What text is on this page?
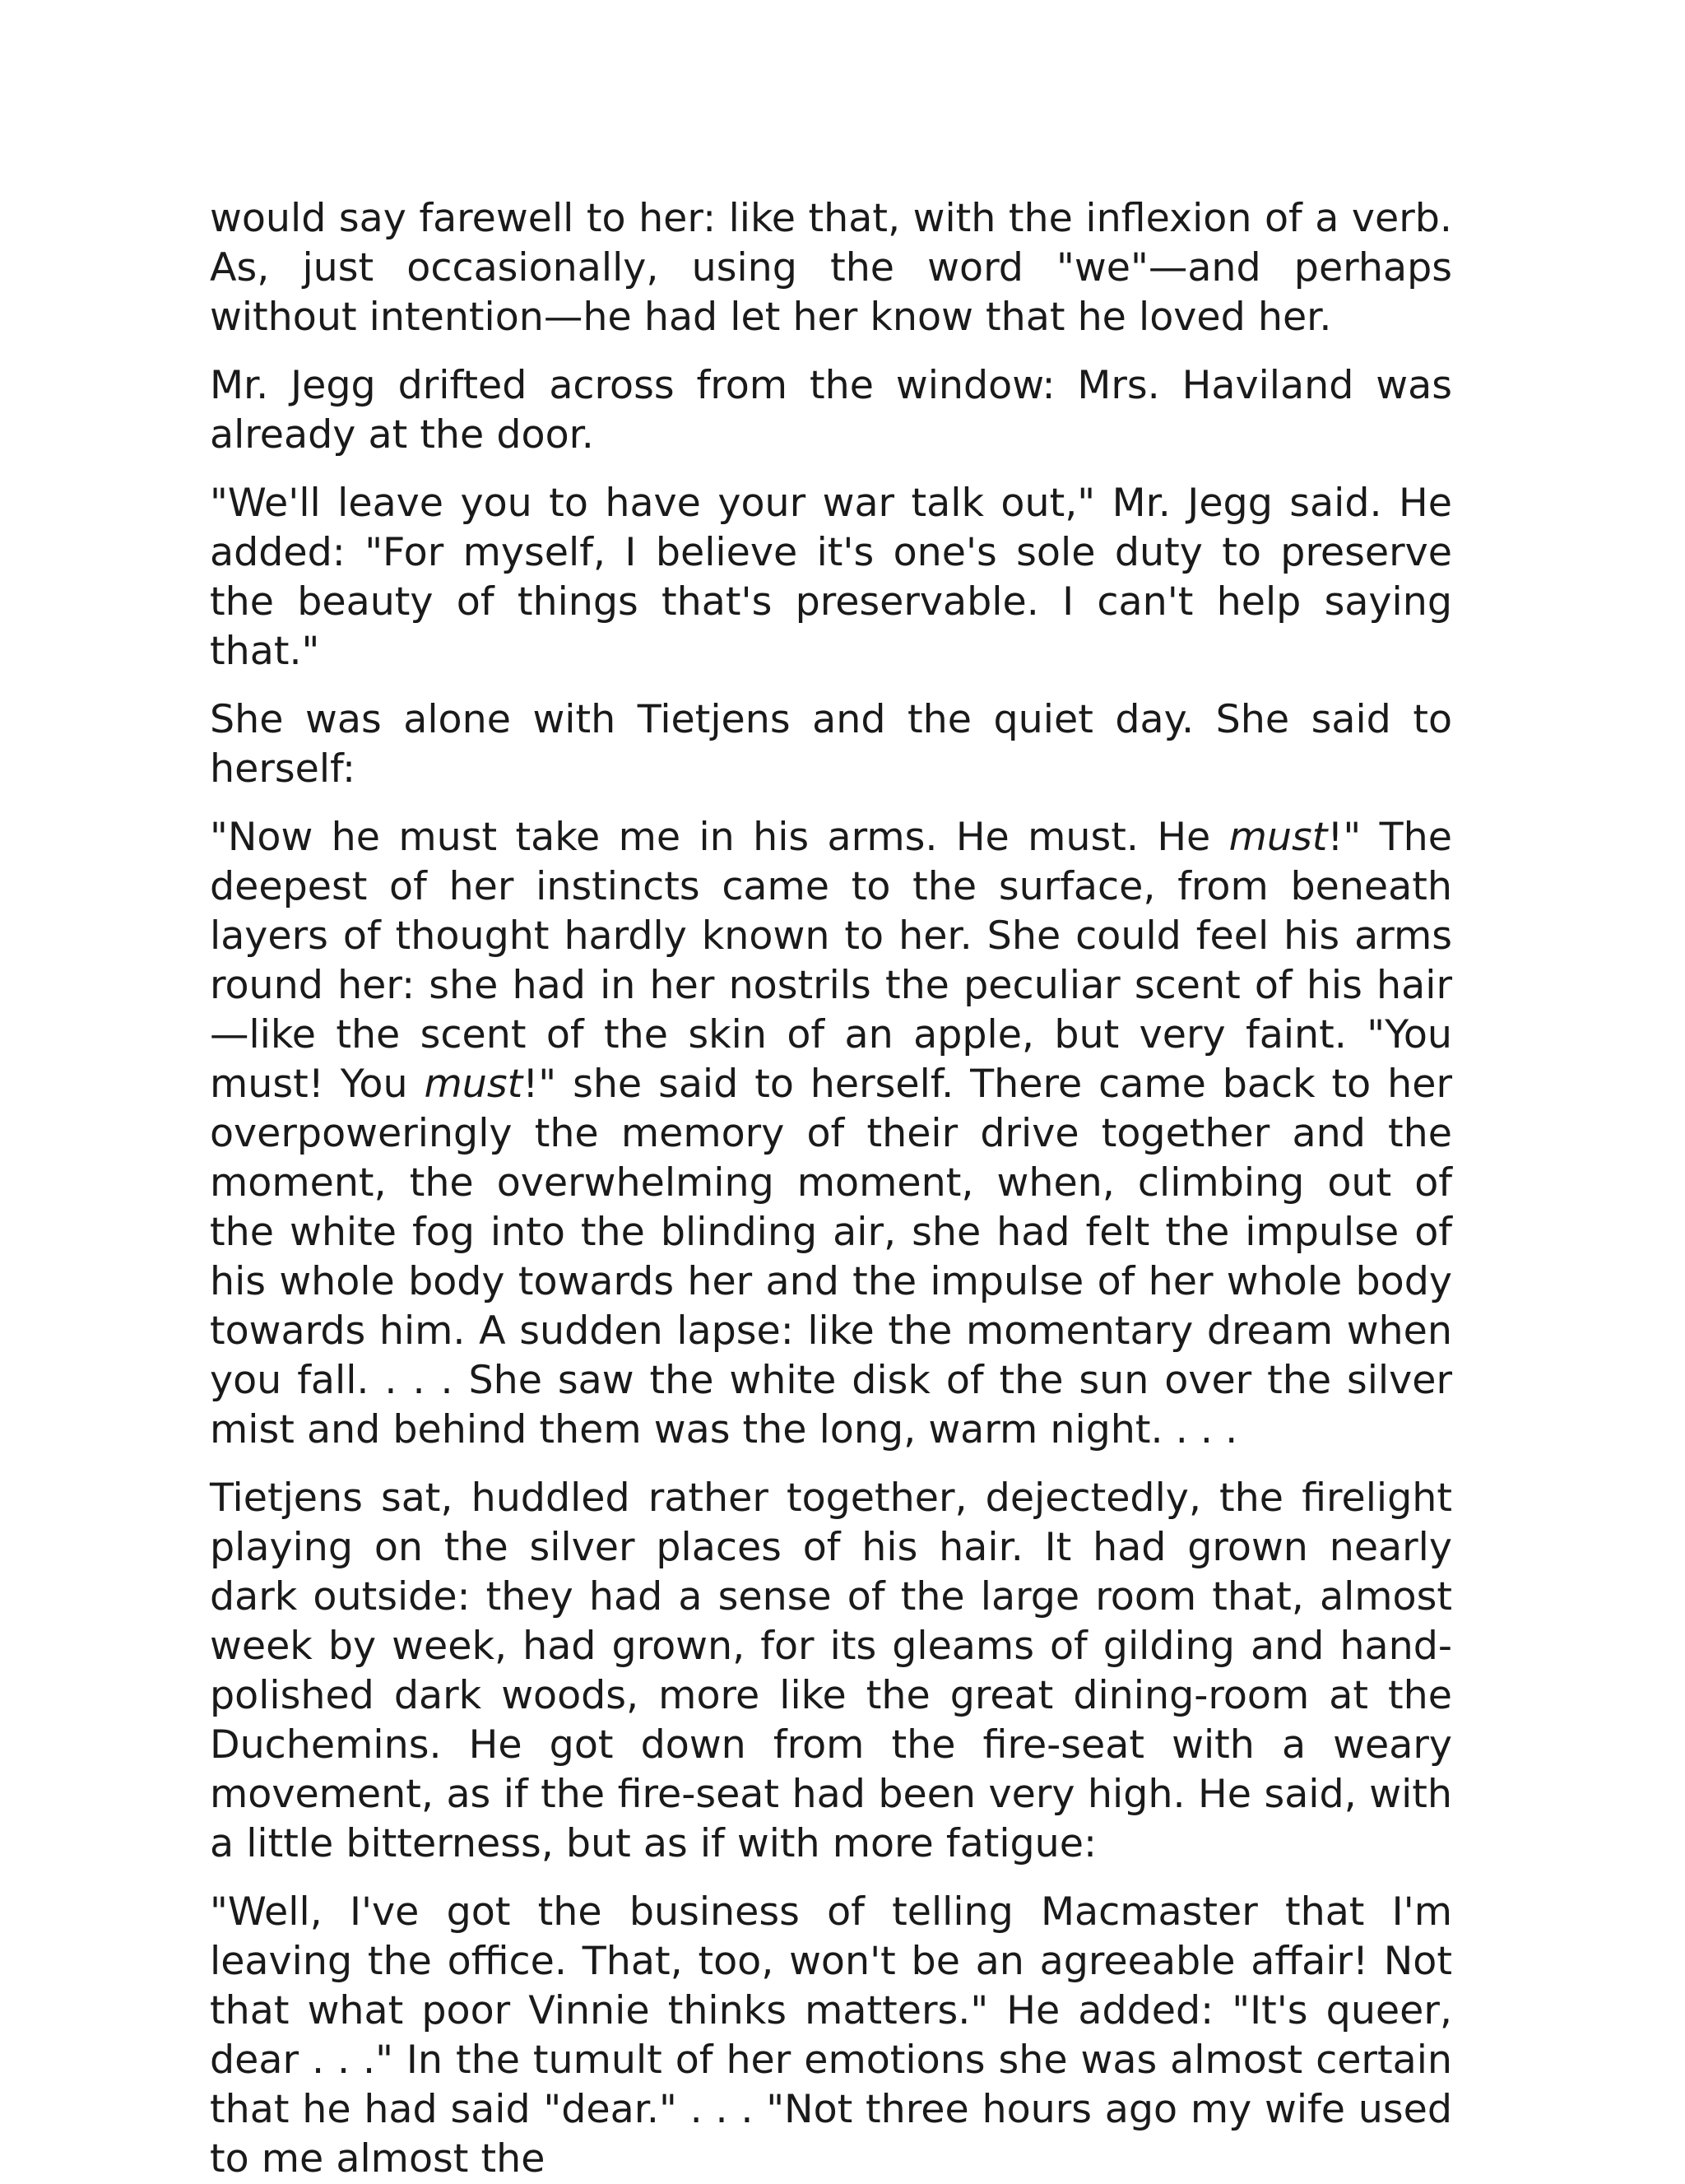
would say farewell to her: like that, with the inflexion of a verb. As, just occasionally, using the word "we"—and perhaps without intention—he had let her know that he loved her.

Mr. Jegg drifted across from the window: Mrs. Haviland was already at the door.

"We'll leave you to have your war talk out," Mr. Jegg said. He added: "For myself, I believe it's one's sole duty to preserve the beauty of things that's preservable. I can't help saying that."

She was alone with Tietjens and the quiet day. She said to herself:

"Now he must take me in his arms. He must. He must!" The deepest of her instincts came to the surface, from beneath layers of thought hardly known to her. She could feel his arms round her: she had in her nostrils the peculiar scent of his hair—like the scent of the skin of an apple, but very faint. "You must! You must!" she said to herself. There came back to her overpoweringly the memory of their drive together and the moment, the overwhelming moment, when, climbing out of the white fog into the blinding air, she had felt the impulse of his whole body towards her and the impulse of her whole body towards him. A sudden lapse: like the momentary dream when you fall. . . . She saw the white disk of the sun over the silver mist and behind them was the long, warm night. . . .

Tietjens sat, huddled rather together, dejectedly, the firelight playing on the silver places of his hair. It had grown nearly dark outside: they had a sense of the large room that, almost week by week, had grown, for its gleams of gilding and hand-polished dark woods, more like the great dining-room at the Duchemins. He got down from the fire-seat with a weary movement, as if the fire-seat had been very high. He said, with a little bitterness, but as if with more fatigue:

"Well, I've got the business of telling Macmaster that I'm leaving the office. That, too, won't be an agreeable affair! Not that what poor Vinnie thinks matters." He added: "It's queer, dear . . ." In the tumult of her emotions she was almost certain that he had said "dear." . . . "Not three hours ago my wife used to me almost the
